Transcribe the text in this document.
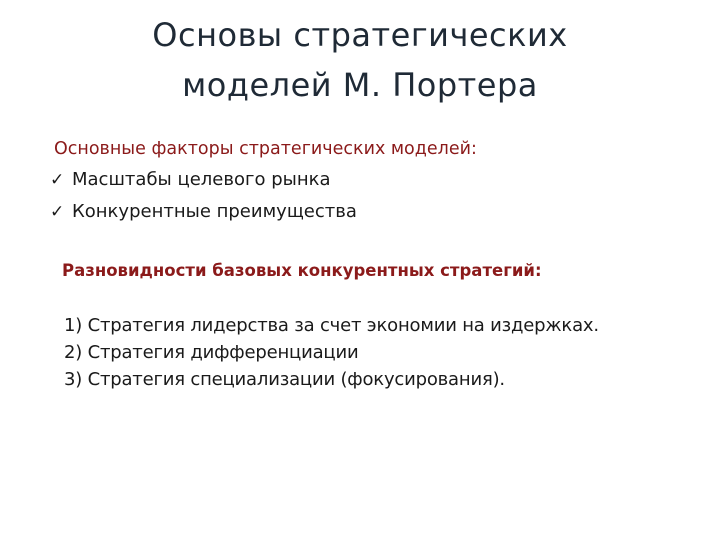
Основы стратегических
моделей М. Портера
Основные факторы стратегических моделей:
✓ Масштабы целевого рынка
✓ Конкурентные преимущества
Разновидности базовых конкурентных стратегий:
1) Стратегия лидерства за счет экономии на издержках.
2) Стратегия дифференциации
3) Стратегия специализации (фокусирования).
